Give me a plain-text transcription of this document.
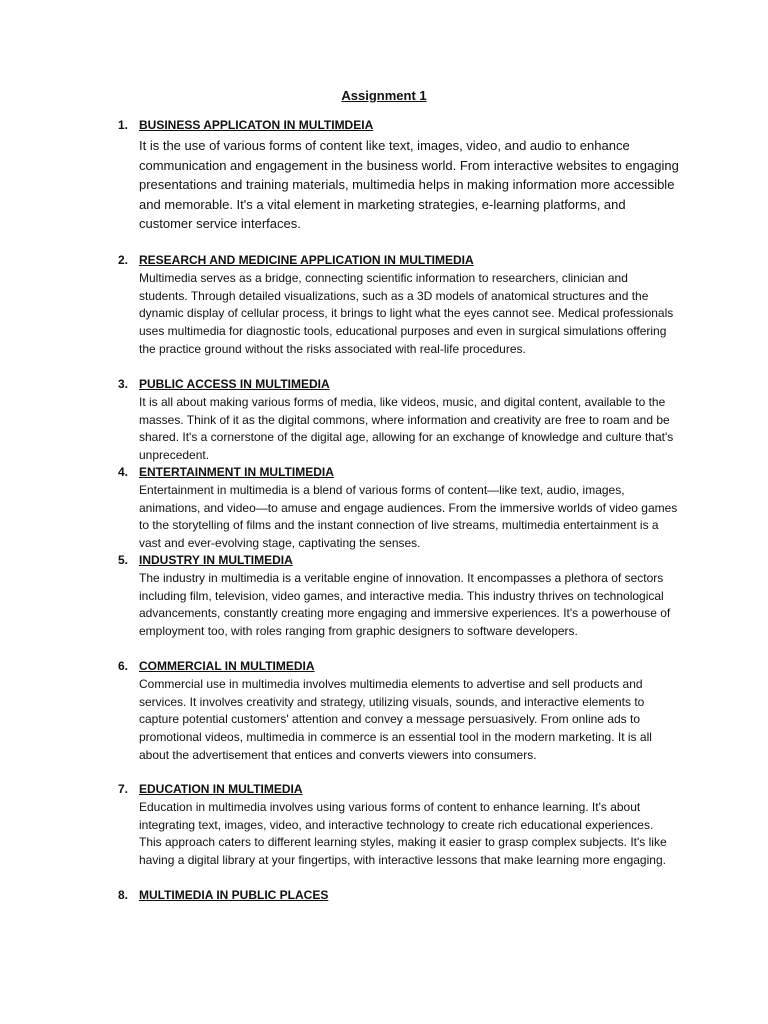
Assignment 1
1. BUSINESS APPLICATON IN MULTIMDEIA

It is the use of various forms of content like text, images, video, and audio to enhance communication and engagement in the business world. From interactive websites to engaging presentations and training materials, multimedia helps in making information more accessible and memorable. It's a vital element in marketing strategies, e-learning platforms, and customer service interfaces.

2. RESEARCH AND MEDICINE APPLICATION IN MULTIMEDIA

Multimedia serves as a bridge, connecting scientific information to researchers, clinician and students. Through detailed visualizations, such as a 3D models of anatomical structures and the dynamic display of cellular process, it brings to light what the eyes cannot see. Medical professionals uses multimedia for diagnostic tools, educational purposes and even in surgical simulations offering the practice ground without the risks associated with real-life procedures.

3. PUBLIC ACCESS IN MULTIMEDIA

It is all about making various forms of media, like videos, music, and digital content, available to the masses. Think of it as the digital commons, where information and creativity are free to roam and be shared. It's a cornerstone of the digital age, allowing for an exchange of knowledge and culture that's unprecedent.

4. ENTERTAINMENT IN MULTIMEDIA

Entertainment in multimedia is a blend of various forms of content—like text, audio, images, animations, and video—to amuse and engage audiences. From the immersive worlds of video games to the storytelling of films and the instant connection of live streams, multimedia entertainment is a vast and ever-evolving stage, captivating the senses.

5. INDUSTRY IN MULTIMEDIA

The industry in multimedia is a veritable engine of innovation. It encompasses a plethora of sectors including film, television, video games, and interactive media. This industry thrives on technological advancements, constantly creating more engaging and immersive experiences. It's a powerhouse of employment too, with roles ranging from graphic designers to software developers.

6. COMMERCIAL IN MULTIMEDIA

Commercial use in multimedia involves multimedia elements to advertise and sell products and services. It involves creativity and strategy, utilizing visuals, sounds, and interactive elements to capture potential customers' attention and convey a message persuasively. From online ads to promotional videos, multimedia in commerce is an essential tool in the modern marketing. It is all about the advertisement that entices and converts viewers into consumers.

7. EDUCATION IN MULTIMEDIA

Education in multimedia involves using various forms of content to enhance learning. It's about integrating text, images, video, and interactive technology to create rich educational experiences. This approach caters to different learning styles, making it easier to grasp complex subjects. It's like having a digital library at your fingertips, with interactive lessons that make learning more engaging.

8. MULTIMEDIA IN PUBLIC PLACES
